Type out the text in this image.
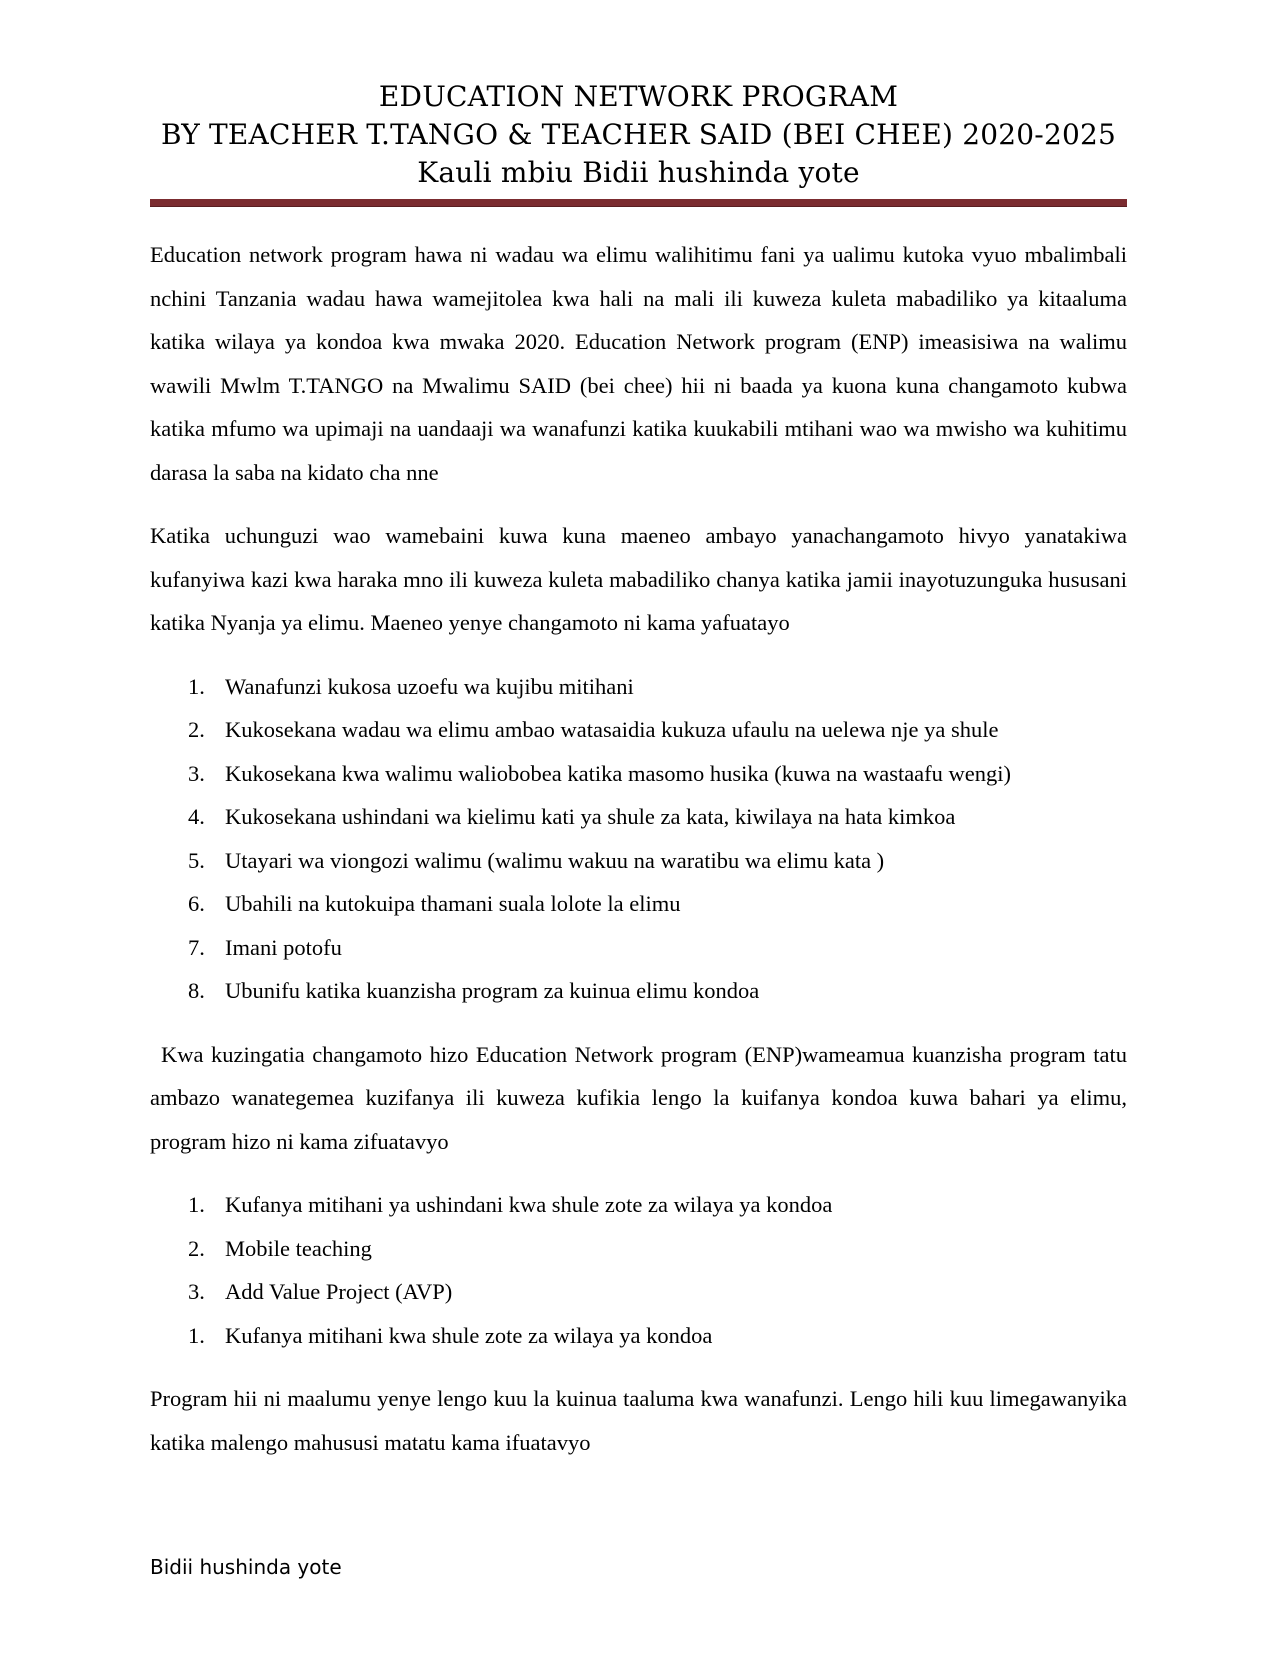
EDUCATION NETWORK PROGRAM
BY TEACHER T.TANGO & TEACHER SAID (BEI CHEE) 2020-2025
Kauli mbiu Bidii hushinda yote

Education network program hawa ni wadau wa elimu walihitimu fani ya ualimu kutoka vyuo mbalimbali nchini Tanzania wadau hawa wamejitolea kwa hali na mali ili kuweza kuleta mabadiliko ya kitaaluma katika wilaya ya kondoa kwa mwaka 2020. Education Network program (ENP) imeasisiwa na walimu wawili Mwlm T.TANGO na Mwalimu SAID (bei chee) hii ni baada ya kuona kuna changamoto kubwa katika mfumo wa upimaji na uandaaji wa wanafunzi katika kuukabili mtihani wao wa mwisho wa kuhitimu darasa la saba na kidato cha nne

Katika uchunguzi wao wamebaini kuwa kuna maeneo ambayo yanachangamoto hivyo yanatakiwa kufanyiwa kazi kwa haraka mno ili kuweza kuleta mabadiliko chanya katika jamii inayotuzunguka hususani katika Nyanja ya elimu. Maeneo yenye changamoto ni kama yafuatayo

1. Wanafunzi kukosa uzoefu wa kujibu mitihani
2. Kukosekana wadau wa elimu ambao watasaidia kukuza ufaulu na uelewa nje ya shule
3. Kukosekana kwa walimu waliobobea katika masomo husika (kuwa na wastaafu wengi)
4. Kukosekana ushindani wa kielimu kati ya shule za kata, kiwilaya na hata kimkoa
5. Utayari wa viongozi walimu (walimu wakuu na waratibu wa elimu kata )
6. Ubahili na kutokuipa thamani suala lolote la elimu
7. Imani potofu
8. Ubunifu katika kuanzisha program za kuinua elimu kondoa

Kwa kuzingatia changamoto hizo Education Network program (ENP)wameamua kuanzisha program tatu ambazo wanategemea kuzifanya ili kuweza kufikia lengo la kuifanya kondoa kuwa bahari ya elimu, program hizo ni kama zifuatavyo

1. Kufanya mitihani ya ushindani kwa shule zote za wilaya ya kondoa
2. Mobile teaching
3. Add Value Project (AVP)
1. Kufanya mitihani kwa shule zote za wilaya ya kondoa

Program hii ni maalumu yenye lengo kuu la kuinua taaluma kwa wanafunzi. Lengo hili kuu limegawanyika katika malengo mahususi matatu kama ifuatavyo

Bidii hushinda yote
